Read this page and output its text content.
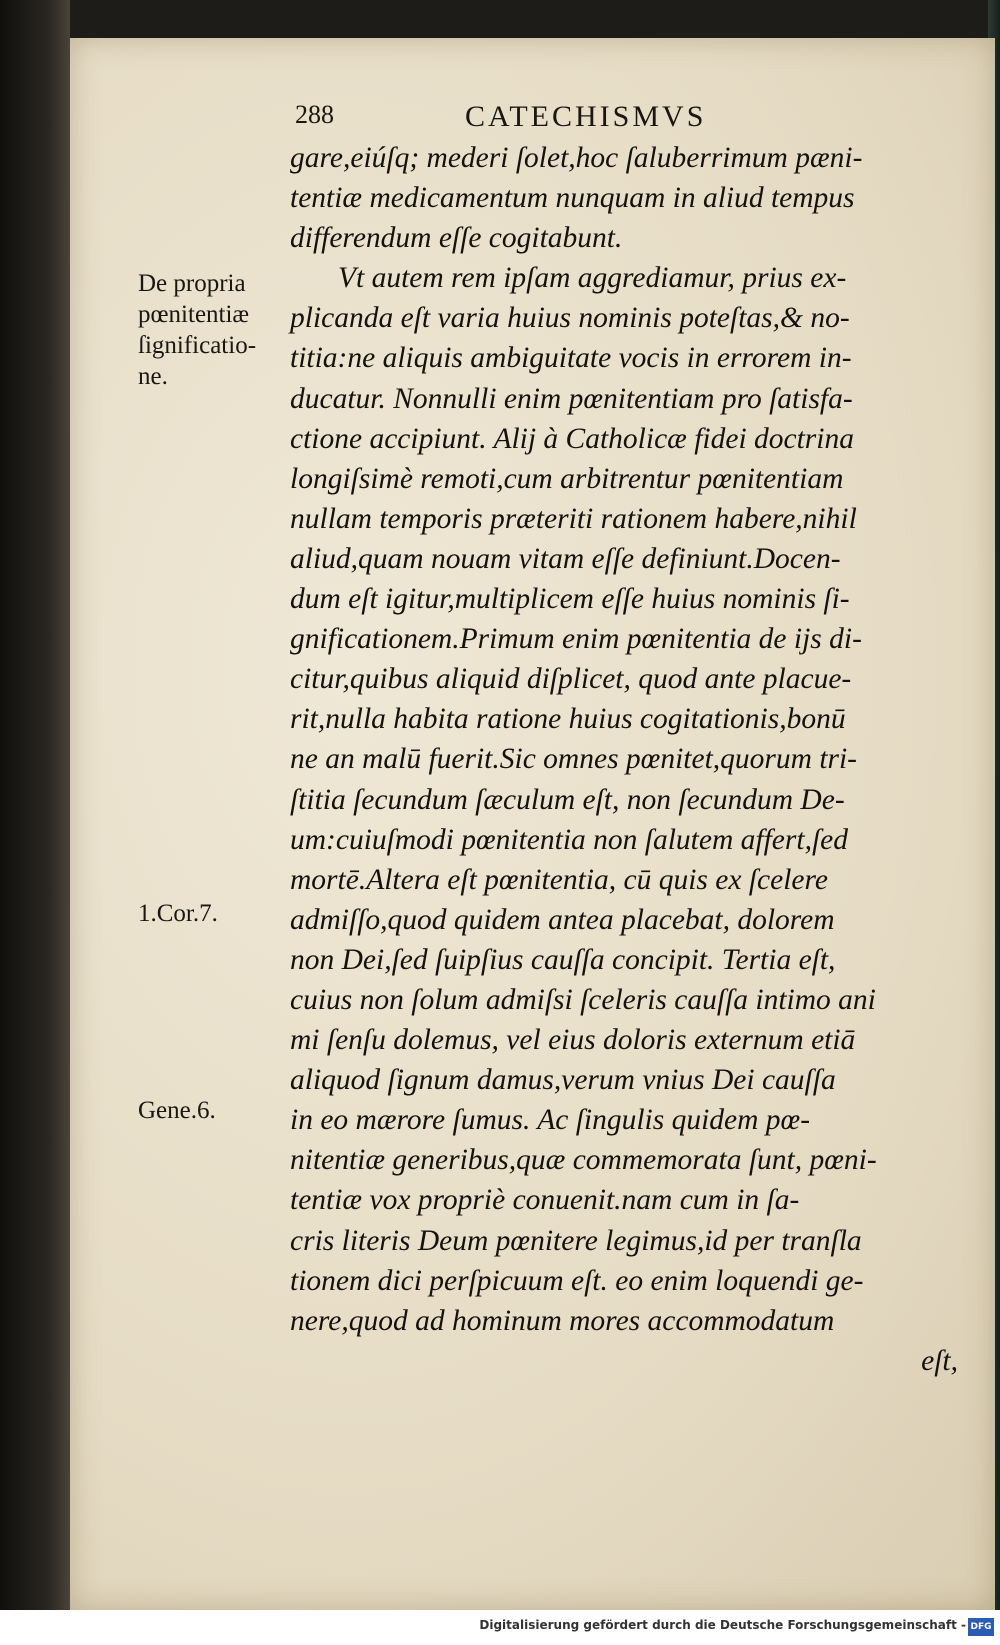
288	CATECHISMVS
De propria
pœnitentiæ
ſignificatio-
ne.
1.Cor.7.
Gene.6.
gare,eiúſq; mederi ſolet,hoc ſaluberrimum pæni-
tentiæ medicamentum nunquam in aliud tempus
differendum eſſe cogitabunt.
Vt autem rem ipſam aggrediamur, prius ex-
plicanda eſt varia huius nominis poteſtas,& no-
titia:ne aliquis ambiguitate vocis in errorem in-
ducatur. Nonnulli enim pœnitentiam pro ſatisfa-
ctione accipiunt. Alij à Catholicæ fidei doctrina
longiſsimè remoti,cum arbitrentur pœnitentiam
nullam temporis præteriti rationem habere,nihil
aliud,quam nouam vitam eſſe definiunt.Docen-
dum eſt igitur,multiplicem eſſe huius nominis ſi-
gnificationem.Primum enim pœnitentia de ijs di-
citur,quibus aliquid diſplicet, quod ante placue-
rit,nulla habita ratione huius cogitationis,bonū
ne an malū fuerit.Sic omnes pœnitet,quorum tri-
ſtitia ſecundum ſæculum eſt, non ſecundum De-
um:cuiuſmodi pœnitentia non ſalutem affert,ſed
mortē.Altera eſt pœnitentia, cū quis ex ſcelere
admiſſo,quod quidem antea placebat, dolorem
non Dei,ſed ſuipſius cauſſa concipit. Tertia eſt,
cuius non ſolum admiſsi ſceleris cauſſa intimo ani
mi ſenſu dolemus, vel eius doloris externum etiā
aliquod ſignum damus,verum vnius Dei cauſſa
in eo mærore ſumus. Ac ſingulis quidem pœ-
nitentiæ generibus,quæ commemorata ſunt, pœni-
tentiæ vox propriè conuenit.nam cum in ſa-
cris literis Deum pœnitere legimus,id per tranſla
tionem dici perſpicuum eſt. eo enim loquendi ge-
nere,quod ad hominum mores accommodatum
eſt,
Digitalisierung gefördert durch die Deutsche Forschungsgemeinschaft - DFG
